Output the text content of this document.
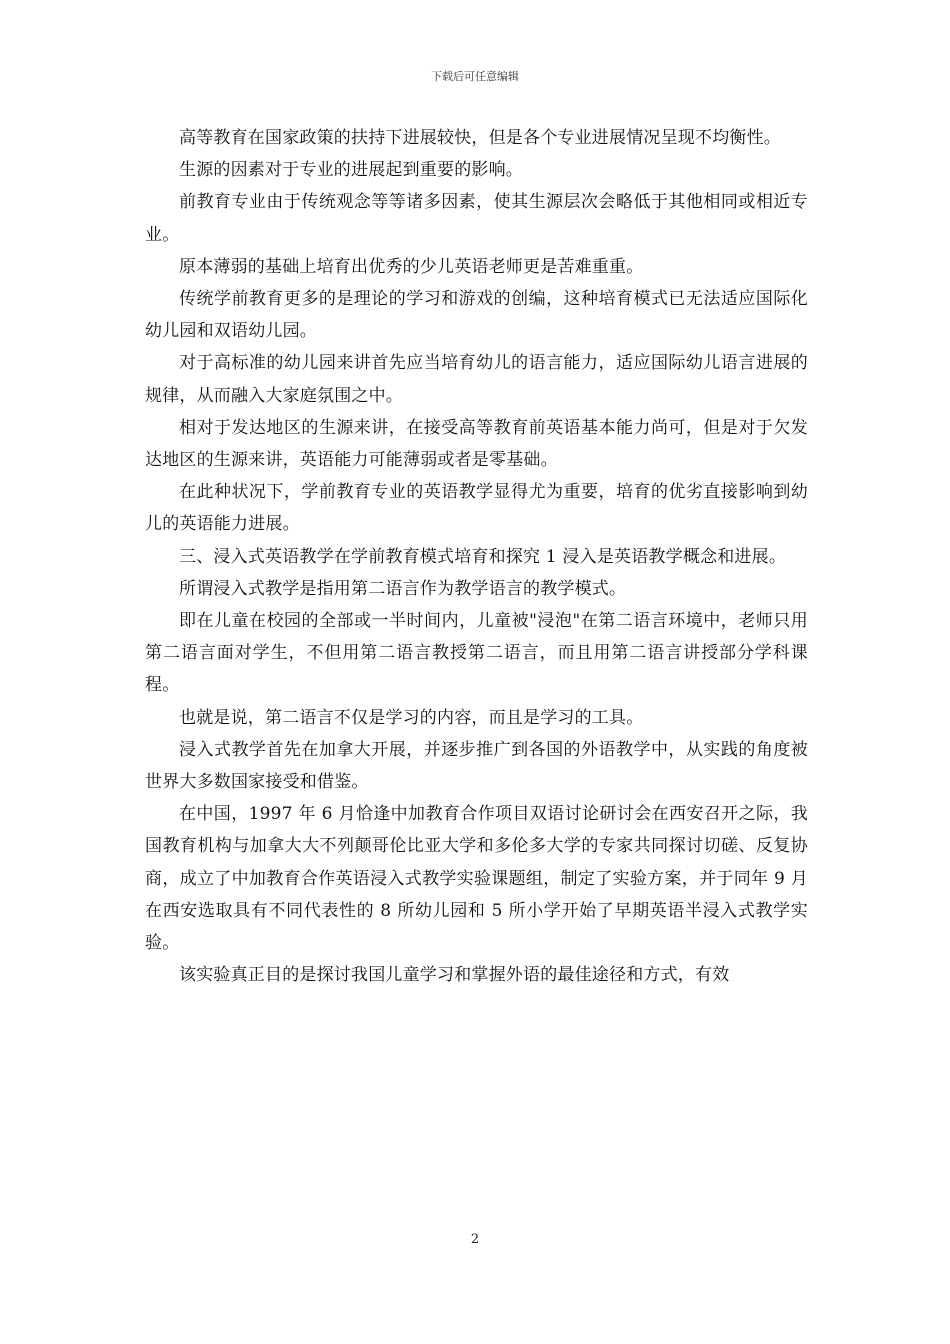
下载后可任意编辑

高等教育在国家政策的扶持下进展较快，但是各个专业进展情况呈现不均衡性。

生源的因素对于专业的进展起到重要的影响。

前教育专业由于传统观念等等诸多因素，使其生源层次会略低于其他相同或相近专业。

原本薄弱的基础上培育出优秀的少儿英语老师更是苦难重重。

传统学前教育更多的是理论的学习和游戏的创编，这种培育模式已无法适应国际化幼儿园和双语幼儿园。

对于高标准的幼儿园来讲首先应当培育幼儿的语言能力，适应国际幼儿语言进展的规律，从而融入大家庭氛围之中。

相对于发达地区的生源来讲，在接受高等教育前英语基本能力尚可，但是对于欠发达地区的生源来讲，英语能力可能薄弱或者是零基础。

在此种状况下，学前教育专业的英语教学显得尤为重要，培育的优劣直接影响到幼儿的英语能力进展。

三、浸入式英语教学在学前教育模式培育和探究 1 浸入是英语教学概念和进展。

所谓浸入式教学是指用第二语言作为教学语言的教学模式。

即在儿童在校园的全部或一半时间内，儿童被"浸泡"在第二语言环境中，老师只用第二语言面对学生，不但用第二语言教授第二语言，而且用第二语言讲授部分学科课程。

也就是说，第二语言不仅是学习的内容，而且是学习的工具。

浸入式教学首先在加拿大开展，并逐步推广到各国的外语教学中，从实践的角度被世界大多数国家接受和借鉴。

在中国，1997 年 6 月恰逢中加教育合作项目双语讨论研讨会在西安召开之际，我国教育机构与加拿大大不列颠哥伦比亚大学和多伦多大学的专家共同探讨切磋、反复协商，成立了中加教育合作英语浸入式教学实验课题组，制定了实验方案，并于同年 9 月在西安选取具有不同代表性的 8 所幼儿园和 5 所小学开始了早期英语半浸入式教学实验。

该实验真正目的是探讨我国儿童学习和掌握外语的最佳途径和方式，有效

2
